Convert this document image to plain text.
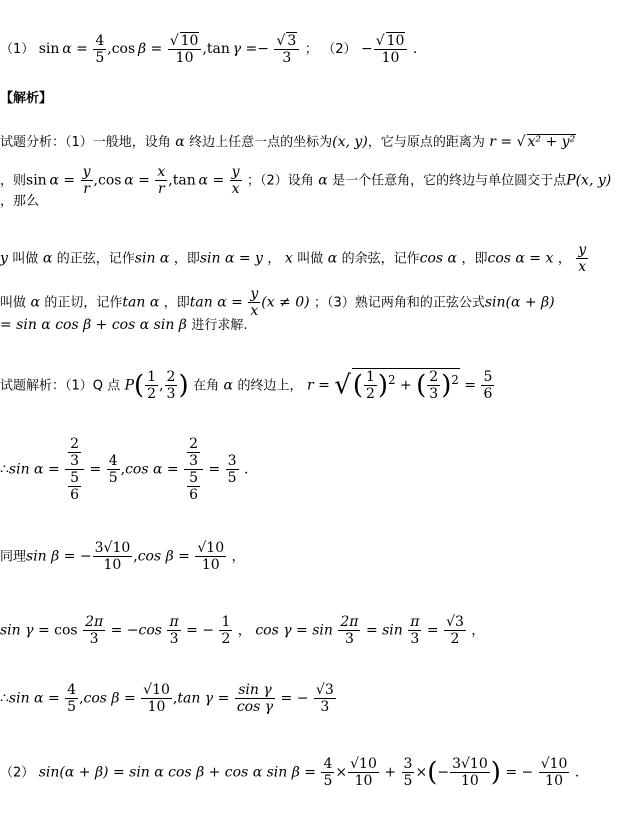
（1） $\sin \alpha = \frac{4}{5} ,\cos$  $\beta = \frac{√ 10}{10} ,\tan$  $\gamma =- \frac{√ 3}{3}$ ； $(2) - \frac{√ 10}{10}$ .
【解析】
试题分析：（1）一般地，设角 α 终边上任意一点的坐标为(x, y)，它与原点的距离为 r = √ x² + y²
，则$\sin \alpha = \frac{y}{r} ,\cos$  $\alpha = \frac{x}{r} ,\tan$  $\alpha = \frac{y}{x}$ ；（2）设角 α 是一个任意角，它的终边与单位圆交于点P(x, y)
，那么
y 叫做 α 的正弦，记作sin α ，即sin α = y ， x 叫做 α 的余弦，记作cos α ，即cos α = x ， $\frac{y}{x}$
叫做 α 的正切，记作tan α ，即$\tan \alpha = \frac{y}{x} (x \ne 0)$ ；（3）熟记两角和的正弦公式sin(α + β)
= sin α cos β + cos α sin β 进行求解.
试题解析：（1）Q 点 $P( \frac{1}{2}$ , $\frac{2}{3}$ ) 在角 α 的终边上， r = √( $\frac{1}{2} )^2$ + ( $\frac{2}{3} )^2 = \frac{5}{6}$
∴sin $\alpha = \frac{\frac{2}{3}}{\frac{5}{6}} = \frac{4}{5} ,\cos$ $\alpha = \frac{\frac{2}{3}}{\frac{5}{6}} = \frac{3}{5}$ .
同理sin β = − $\frac{3√10}{10} ,\cos$ $\beta = \frac{√10}{10}$ ，
$\sin \gamma = \cos \frac{2\pi}{3} = -\cos \frac{\pi}{3}$ = − $\frac{1}{2}$ ， $\cos \gamma = \sin \frac{2\pi}{3} = \sin \frac{\pi}{3} = \frac{√3}{2}$ ，
∴sin $\alpha = \frac{4}{5} ,\cos$ $\beta = \frac{√10}{10} ,\tan$ $\gamma = \frac{\text{sin γ}}{\text{cos γ}}$ = − $\frac{√3}{3}$
（2） sin(α + β) = sin α cos β + cos α $\sin \beta = \frac{4}{5} \times \frac{√10}{10} + \frac{3}{5}$ ×(− $\frac{3√10}{10}$ ) = − $\frac{√10}{10}$ .
